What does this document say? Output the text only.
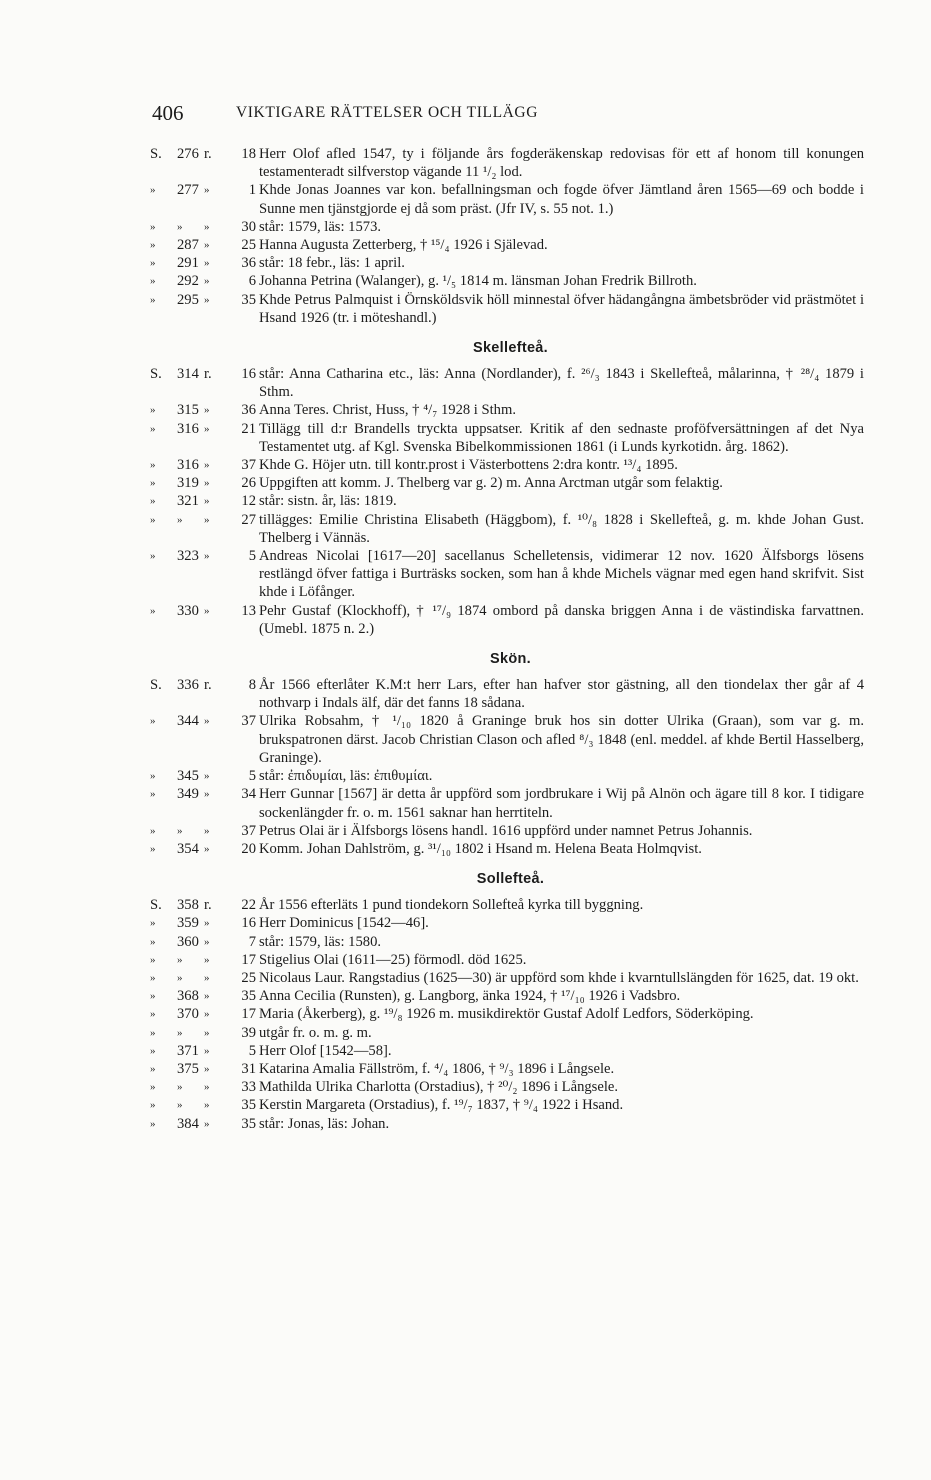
406	VIKTIGARE RÄTTELSER OCH TILLÄGG
S. 276 r. 18 Herr Olof afled 1547, ty i följande års fogderäkenskap redovisas för ett af honom till konungen testamenteradt silfverstop vägande 11 ¹/₂ lod.
» 277 »	1 Khde Jonas Joannes var kon. befallningsman och fogde öfver Jämtland åren 1565—69 och bodde i Sunne men tjänstgjorde ej då som präst. (Jfr IV, s. 55 not. 1.)
» » » 30 står: 1579, läs: 1573.
» 287 » 25 Hanna Augusta Zetterberg, † ¹⁵/₄ 1926 i Själevad.
» 291 » 36 står: 18 febr., läs: 1 april.
» 292 »	6 Johanna Petrina (Walanger), g. ¹/₅ 1814 m. länsman Johan Fredrik Billroth.
» 295 » 35 Khde Petrus Palmquist i Örnsköldsvik höll minnestal öfver hädangångna ämbetsbröder vid prästmötet i Hsand 1926 (tr. i möteshandl.)
Skellefteå.
S. 314 r. 16 står: Anna Catharina etc., läs: Anna (Nordlander), f. ²⁶/₃ 1843 i Skellefteå, målarinna, † ²⁸/₄ 1879 i Sthm.
» 315 » 36 Anna Teres. Christ, Huss, † ⁴/₇ 1928 i Sthm.
» 316 » 21 Tillägg till d:r Brandells tryckta uppsatser. Kritik af den sednaste proföfversättningen af det Nya Testamentet utg. af Kgl. Svenska Bibelkommissionen 1861 (i Lunds kyrkotidn. årg. 1862).
» 316 » 37 Khde G. Höjer utn. till kontr.prost i Västerbottens 2:dra kontr. ¹³/₄ 1895.
» 319 » 26 Uppgiften att komm. J. Thelberg var g. 2) m. Anna Arctman utgår som felaktig.
» 321 » 12 står: sistn. år, läs: 1819.
» » » 27 tillägges: Emilie Christina Elisabeth (Häggbom), f. ¹⁰/₈ 1828 i Skellefteå, g. m. khde Johan Gust. Thelberg i Vännäs.
» 323 »	5 Andreas Nicolai [1617—20] sacellanus Schelletensis, vidimerar 12 nov. 1620 Älfsborgs lösens restlängd öfver fattiga i Burträsks socken, som han å khde Michels vägnar med egen hand skrifvit. Sist khde i Löfånger.
» 330 » 13 Pehr Gustaf (Klockhoff), † ¹⁷/₉ 1874 ombord på danska briggen Anna i de västindiska farvattnen. (Umebl. 1875 n. 2.)
Skön.
S. 336 r.	8 År 1566 efterlåter K.M:t herr Lars, efter han hafver stor gästning, all den tiondelax ther går af 4 nothvarp i Indals älf, där det fanns 18 sådana.
» 344 » 37 Ulrika Robsahm, † ¹/₁₀ 1820 å Graninge bruk hos sin dotter Ulrika (Graan), som var g. m. brukspatronen därst. Jacob Christian Clason och afled ⁸/₃ 1848 (enl. meddel. af khde Bertil Hasselberg, Graninge).
» 345 »	5 står: ἐπιδυμίαι, läs: ἐπιθυμίαι.
» 349 » 34 Herr Gunnar [1567] är detta år uppförd som jordbrukare i Wij på Alnön och ägare till 8 kor. I tidigare sockenlängder fr. o. m. 1561 saknar han herrtiteln.
» » » 37 Petrus Olai är i Älfsborgs lösens handl. 1616 uppförd under namnet Petrus Johannis.
» 354 » 20 Komm. Johan Dahlström, g. ³¹/₁₀ 1802 i Hsand m. Helena Beata Holmqvist.
Sollefteå.
S. 358 r. 22 År 1556 efterläts 1 pund tiondekorn Sollefteå kyrka till byggning.
» 359 » 16 Herr Dominicus [1542—46].
» 360 »	7 står: 1579, läs: 1580.
» » » 17 Stigelius Olai (1611—25) förmodl. död 1625.
» » » 25 Nicolaus Laur. Rangstadius (1625—30) är uppförd som khde i kvarntullslängden för 1625, dat. 19 okt.
» 368 » 35 Anna Cecilia (Runsten), g. Langborg, änka 1924, † ¹⁷/₁₀ 1926 i Vadsbro.
» 370 » 17 Maria (Åkerberg), g. ¹⁹/₈ 1926 m. musikdirektör Gustaf Adolf Ledfors, Söderköping.
» » » 39 utgår fr. o. m. g. m.
» 371 »	5 Herr Olof [1542—58].
» 375 » 31 Katarina Amalia Fällström, f. ⁴/₄ 1806, † ⁹/₃ 1896 i Långsele.
» » » 33 Mathilda Ulrika Charlotta (Orstadius), † ²⁰/₂ 1896 i Långsele.
» » » 35 Kerstin Margareta (Orstadius), f. ¹⁹/₇ 1837, † ⁹/₄ 1922 i Hsand.
» 384 » 35 står: Jonas, läs: Johan.
